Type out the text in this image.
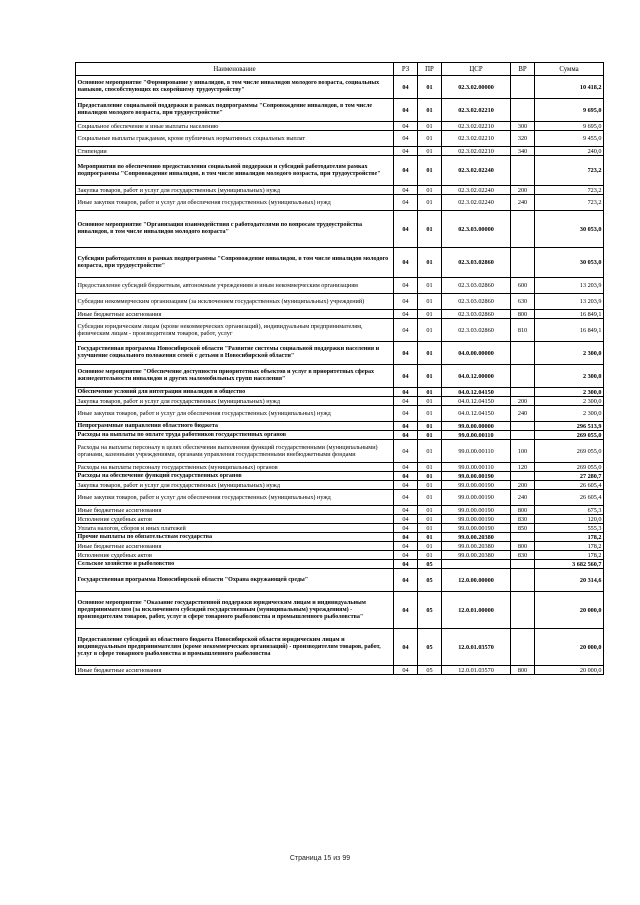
Наименование	РЗ	ПР	ЦСР	ВР	Сумма
Основное мероприятие "Формирование у инвалидов, в том числе инвалидов молодого возраста, социальных навыков, способствующих их скорейшему трудоустройству"	04	01	02.3.02.00000		10 418,2
Предоставление социальной поддержки в рамках подпрограммы "Сопровождение инвалидов, в том числе инвалидов молодого возраста, при трудоустройстве"	04	01	02.3.02.02210		9 695,0
Социальное обеспечение и иные выплаты населению	04	01	02.3.02.02210	300	9 695,0
Социальные выплаты гражданам, кроме публичных нормативных социальных выплат	04	01	02.3.02.02210	320	9 455,0
Стипендии	04	01	02.3.02.02210	340	240,0
Мероприятия по обеспечению предоставления социальной поддержки и субсидий работодателям рамках подпрограммы "Сопровождение инвалидов, в том числе инвалидов молодого возраста, при трудоустройстве"	04	01	02.3.02.02240		723,2
Закупка товаров, работ и услуг для государственных (муниципальных) нужд	04	01	02.3.02.02240	200	723,2
Иные закупки товаров, работ и услуг для обеспечения государственных (муниципальных) нужд	04	01	02.3.02.02240	240	723,2
Основное мероприятие "Организация взаимодействия с работодателями по вопросам трудоустройства инвалидов, в том числе инвалидов молодого возраста"	04	01	02.3.03.00000		30 053,0
Субсидии работодателям в рамках подпрограммы "Сопровождение инвалидов, в том числе инвалидов молодого возраста, при трудоустройстве"	04	01	02.3.03.02860		30 053,0
Предоставление субсидий бюджетным, автономным учреждениям и иным некоммерческим организациям	04	01	02.3.03.02860	600	13 203,9
Субсидии некоммерческим организациям (за исключением государственных (муниципальных) учреждений)	04	01	02.3.03.02860	630	13 203,9
Иные бюджетные ассигнования	04	01	02.3.03.02860	800	16 849,1
Субсидии юридическим лицам (кроме некоммерческих организаций), индивидуальным предпринимателям, физическим лицам - производителям товаров, работ, услуг	04	01	02.3.03.02860	810	16 849,1
Государственная программа Новосибирской области "Развитие системы социальной поддержки населения и улучшение социального положения семей с детьми в Новосибирской области"	04	01	04.0.00.00000		2 300,0
Основное мероприятие "Обеспечение доступности приоритетных объектов и услуг в приоритетных сферах жизнедеятельности инвалидов и других маломобильных групп населения"	04	01	04.0.12.00000		2 300,0
Обеспечение условий для интеграции инвалидов в общество	04	01	04.0.12.04150		2 300,0
Закупка товаров, работ и услуг для государственных (муниципальных) нужд	04	01	04.0.12.04150	200	2 300,0
Иные закупки товаров, работ и услуг для обеспечения государственных (муниципальных) нужд	04	01	04.0.12.04150	240	2 300,0
Непрограммные направления областного бюджета	04	01	99.0.00.00000		296 513,9
Расходы на выплаты по оплате труда работников государственных органов	04	01	99.0.00.00110		269 055,0
Расходы на выплаты персоналу в целях обеспечения выполнения функций государственными (муниципальными) органами, казенными учреждениями, органами управления государственными внебюджетными фондами	04	01	99.0.00.00110	100	269 055,0
Расходы на выплаты персоналу государственных (муниципальных) органов	04	01	99.0.00.00110	120	269 055,0
Расходы на обеспечение функций государственных органов	04	01	99.0.00.00190		27 280,7
Закупка товаров, работ и услуг для государственных (муниципальных) нужд	04	01	99.0.00.00190	200	26 605,4
Иные закупки товаров, работ и услуг для обеспечения государственных (муниципальных) нужд	04	01	99.0.00.00190	240	26 605,4
Иные бюджетные ассигнования	04	01	99.0.00.00190	800	675,3
Исполнение судебных актов	04	01	99.0.00.00190	830	120,0
Уплата налогов, сборов и иных платежей	04	01	99.0.00.00190	850	555,3
Прочие выплаты по обязательствам государства	04	01	99.0.00.20380		178,2
Иные бюджетные ассигнования	04	01	99.0.00.20380	800	178,2
Исполнение судебных актов	04	01	99.0.00.20380	830	178,2
Сельское хозяйство и рыболовство	04	05			3 682 560,7
Государственная программа Новосибирской области "Охрана окружающей среды"	04	05	12.0.00.00000		20 314,6
Основное мероприятие "Оказание государственной поддержки юридическим лицам и индивидуальным предпринимателям (за исключением субсидий государственным (муниципальным) учреждениям) - производителям товаров, работ, услуг в сфере товарного рыболовства и промышленного рыболовства"	04	05	12.0.01.00000		20 000,0
Предоставление субсидий из областного бюджета Новосибирской области юридическим лицам и индивидуальным предпринимателям (кроме некоммерческих организаций) - производителям товаров, работ, услуг в сфере товарного рыболовства и промышленного рыболовства	04	05	12.0.01.03570		20 000,0
Иные бюджетные ассигнования	04	05	12.0.01.03570	800	20 000,0
Страница 15 из 99
